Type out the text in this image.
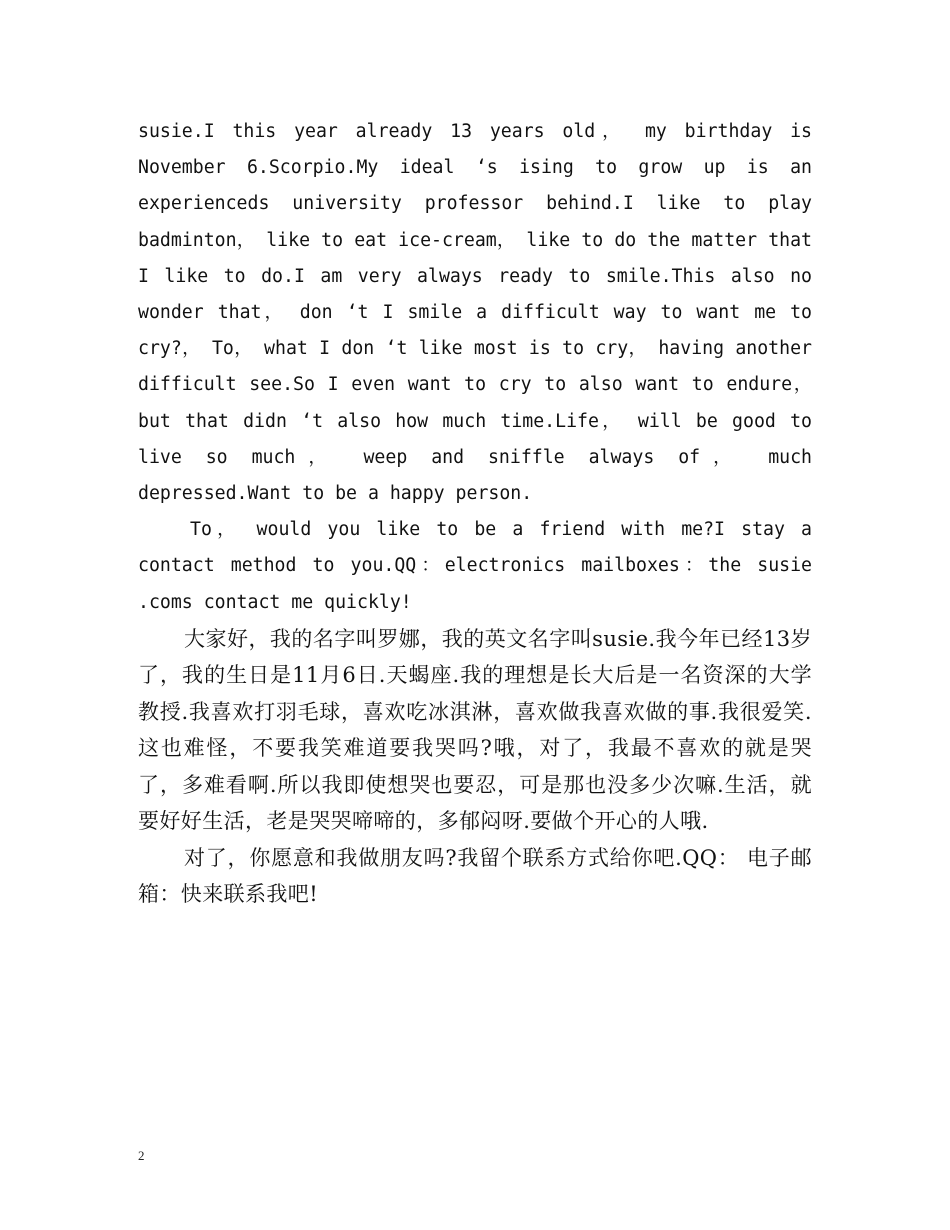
susie.I this year already 13 years old， my birthday is November 6.Scorpio.My ideal ‘s ising to grow up is an experienceds university professor behind.I like to play badminton， like to eat ice-cream， like to do the matter that I like to do.I am very always ready to smile.This also no wonder that， don ‘t I smile a difficult way to want me to cry?， To， what I don ‘t like most is to cry， having another difficult see.So I even want to cry to also want to endure， but that didn ‘t also how much time.Life， will be good to live so much， weep and sniffle always of， much depressed.Want to be a happy person.

To， would you like to be a friend with me?I stay a contact method to you.QQ：electronics mailboxes：the susie .coms contact me quickly!

大家好，我的名字叫罗娜，我的英文名字叫susie.我今年已经13岁了，我的生日是11月6日.天蝎座.我的理想是长大后是一名资深的大学教授.我喜欢打羽毛球，喜欢吃冰淇淋，喜欢做我喜欢做的事.我很爱笑.这也难怪，不要我笑难道要我哭吗?哦，对了，我最不喜欢的就是哭了，多难看啊.所以我即使想哭也要忍，可是那也没多少次嘛.生活，就要好好生活，老是哭哭啼啼的，多郁闷呀.要做个开心的人哦.

对了，你愿意和我做朋友吗?我留个联系方式给你吧.QQ： 电子邮箱：快来联系我吧!

2
